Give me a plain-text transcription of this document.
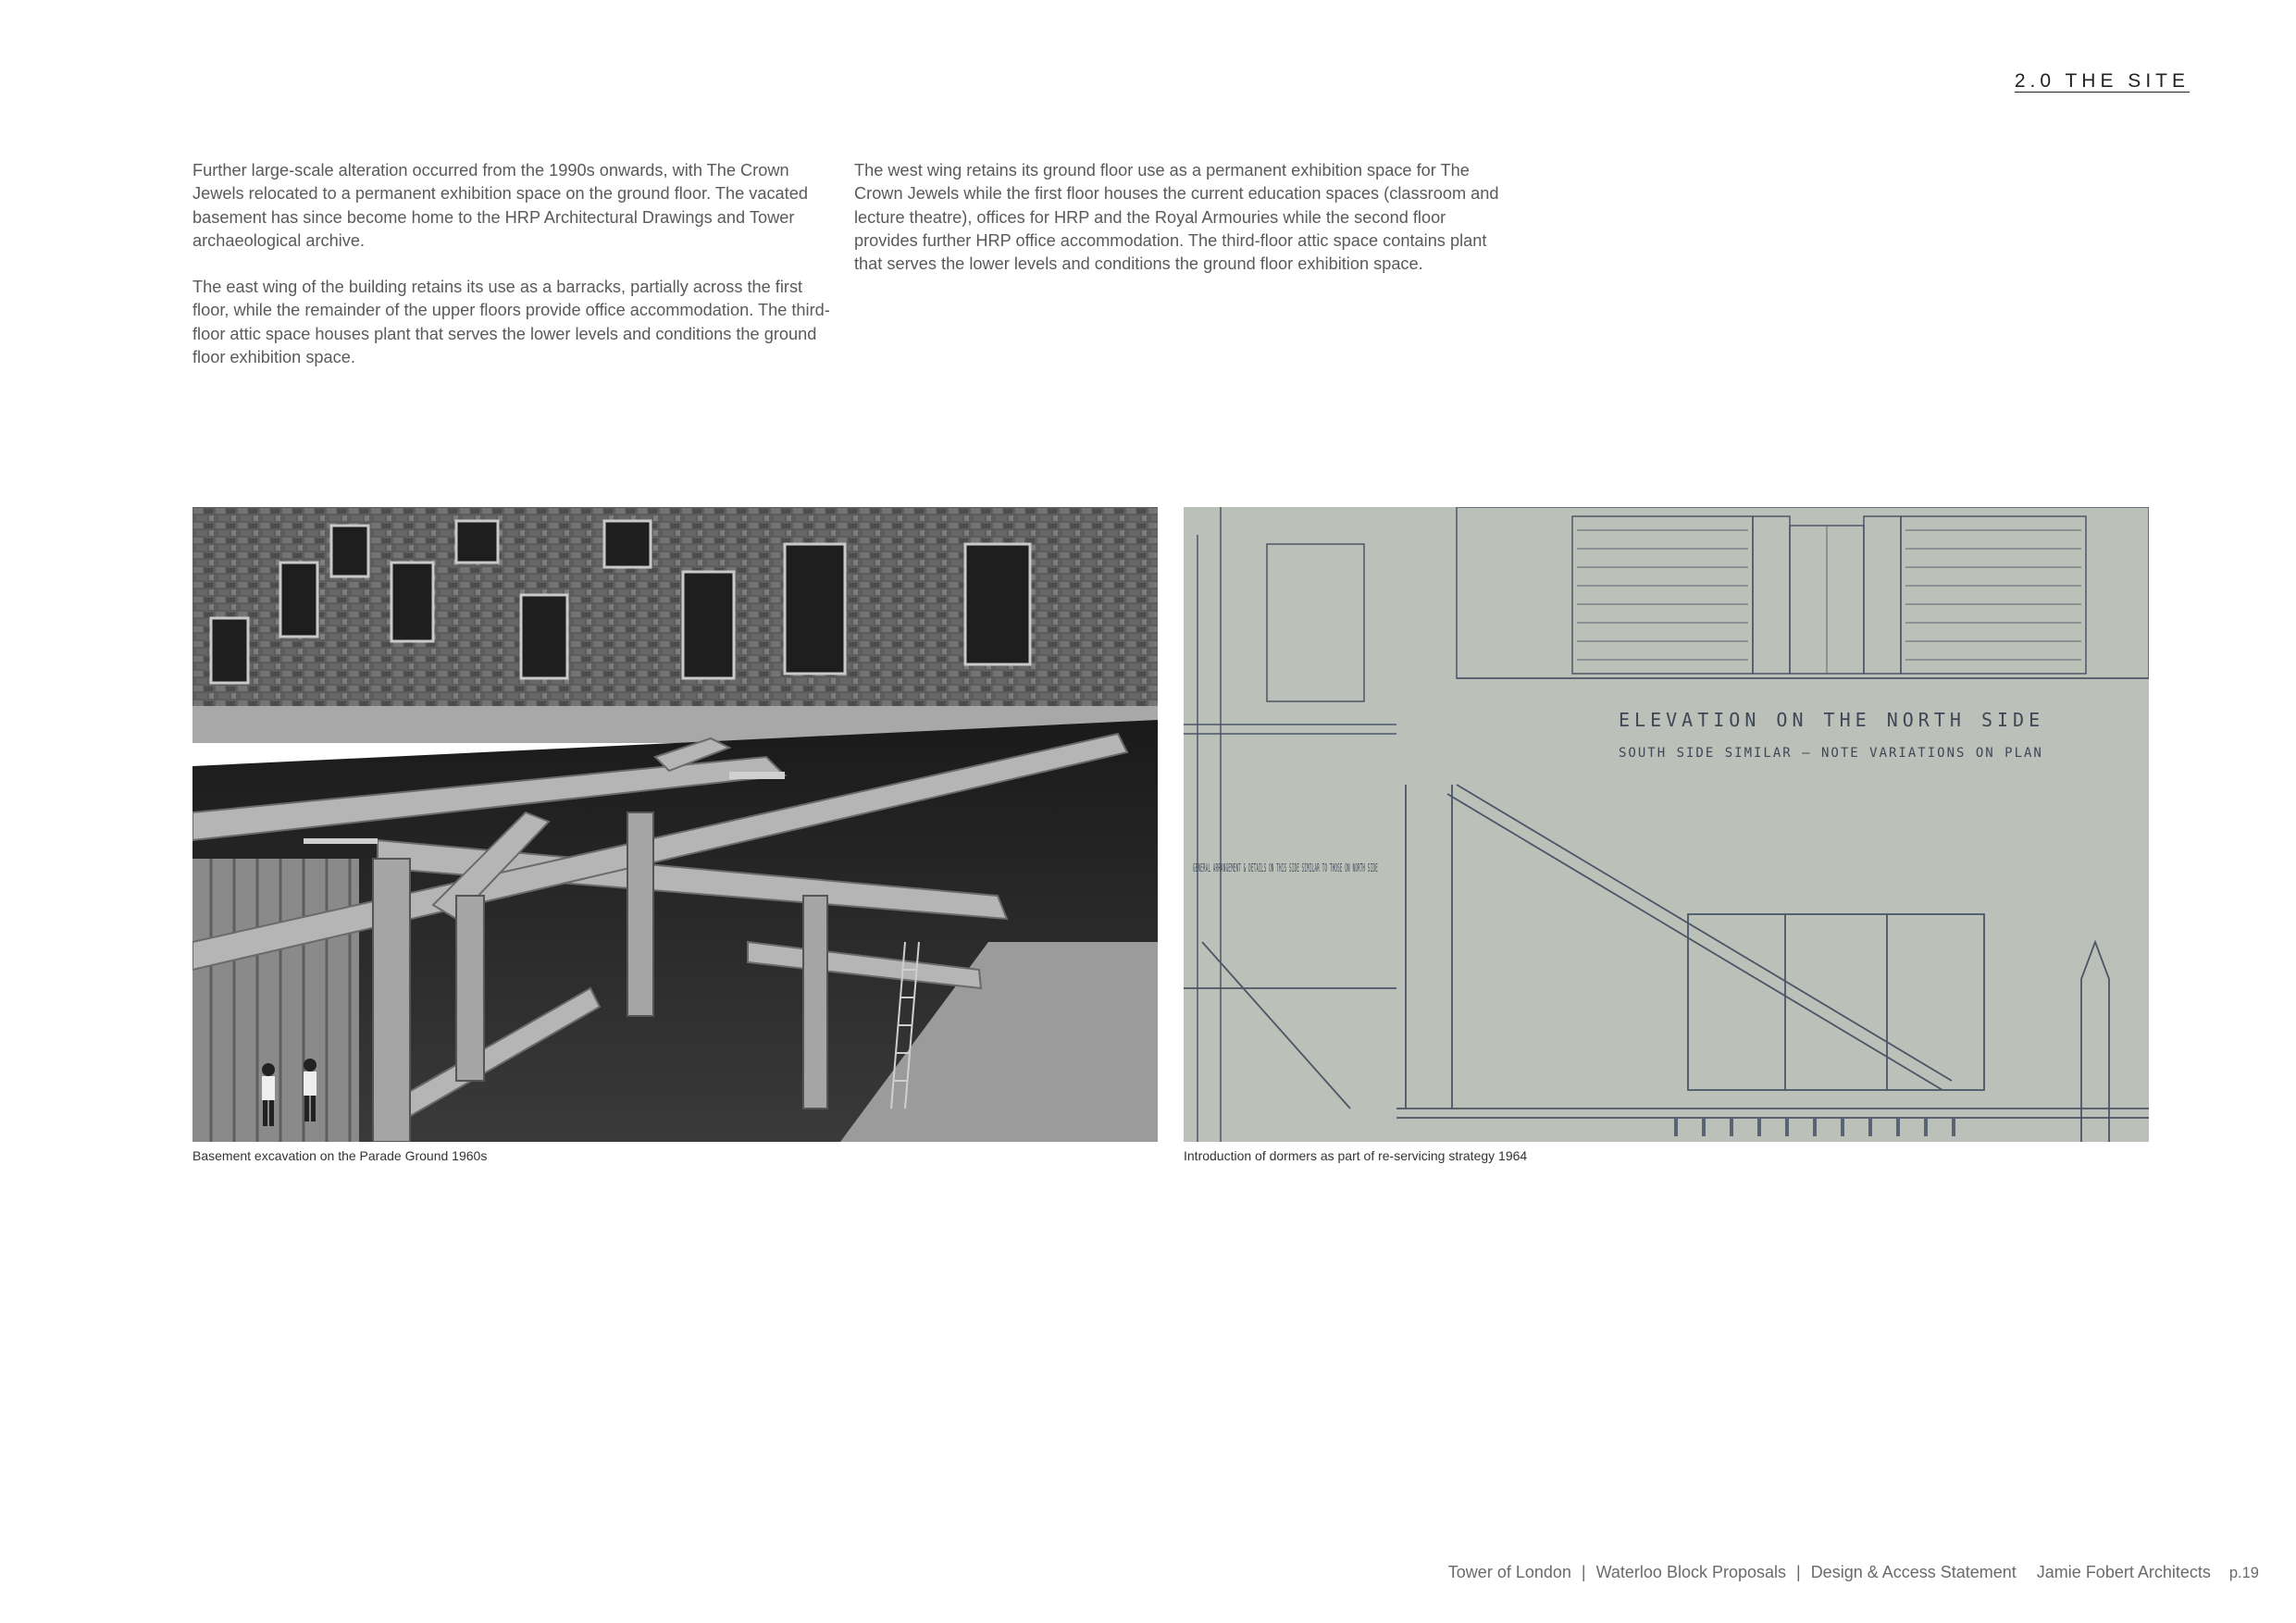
2.0 THE SITE

Further large-scale alteration occurred from the 1990s onwards, with The Crown Jewels relocated to a permanent exhibition space on the ground floor. The vacated basement has since become home to the HRP Architectural Drawings and Tower archaeological archive.

The east wing of the building retains its use as a barracks, partially across the first floor, while the remainder of the upper floors provide office accommodation. The third-floor attic space houses plant that serves the lower levels and conditions the ground floor exhibition space.

The west wing retains its ground floor use as a permanent exhibition space for The Crown Jewels while the first floor houses the current education spaces (classroom and lecture theatre), offices for HRP and the Royal Armouries while the second floor provides further HRP office accommodation. The third-floor attic space contains plant that serves the lower levels and conditions the ground floor exhibition space.

Basement excavation on the Parade Ground 1960s
ELEVATION ON THE NORTH SIDE
SOUTH SIDE SIMILAR — NOTE VARIATIONS ON PLAN
GENERAL ARRANGEMENT & DETAILS ON THIS SIDE SIMILAR TO THOSE ON NORTH SIDE
Introduction of dormers as part of re-servicing strategy 1964
Tower of London | Waterloo Block Proposals | Design & Access Statement Jamie Fobert Architects p.19
